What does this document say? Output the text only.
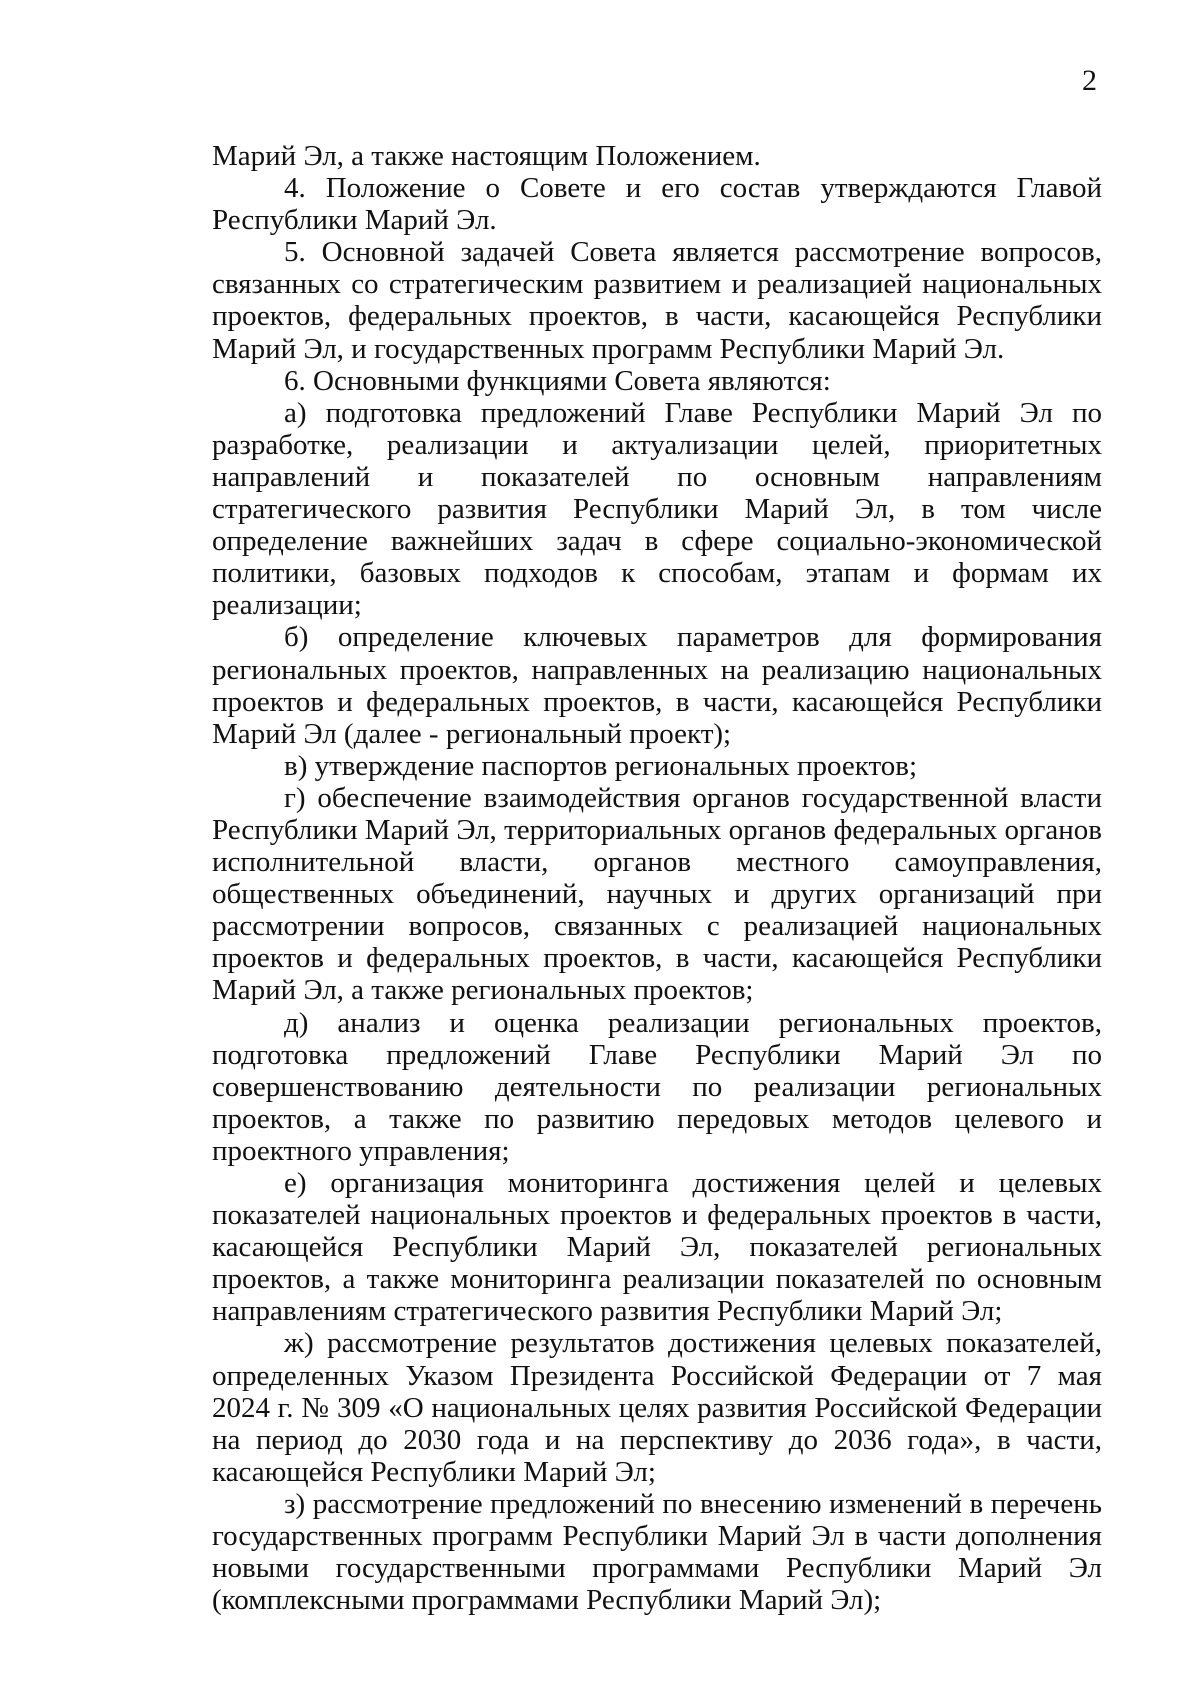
2

Марий Эл, а также настоящим Положением.

4. Положение о Совете и его состав утверждаются Главой Республики Марий Эл.

5. Основной задачей Совета является рассмотрение вопросов, связанных со стратегическим развитием и реализацией национальных проектов, федеральных проектов, в части, касающейся Республики Марий Эл, и государственных программ Республики Марий Эл.

6. Основными функциями Совета являются:

а) подготовка предложений Главе Республики Марий Эл по разработке, реализации и актуализации целей, приоритетных направлений и показателей по основным направлениям стратегического развития Республики Марий Эл, в том числе определение важнейших задач в сфере социально-экономической политики, базовых подходов к способам, этапам и формам их реализации;

б) определение ключевых параметров для формирования региональных проектов, направленных на реализацию национальных проектов и федеральных проектов, в части, касающейся Республики Марий Эл (далее - региональный проект);

в) утверждение паспортов региональных проектов;

г) обеспечение взаимодействия органов государственной власти Республики Марий Эл, территориальных органов федеральных органов исполнительной власти, органов местного самоуправления, общественных объединений, научных и других организаций при рассмотрении вопросов, связанных с реализацией национальных проектов и федеральных проектов, в части, касающейся Республики Марий Эл, а также региональных проектов;

д) анализ и оценка реализации региональных проектов, подготовка предложений Главе Республики Марий Эл по совершенствованию деятельности по реализации региональных проектов, а также по развитию передовых методов целевого и проектного управления;

е) организация мониторинга достижения целей и целевых показателей национальных проектов и федеральных проектов в части, касающейся Республики Марий Эл, показателей региональных проектов, а также мониторинга реализации показателей по основным направлениям стратегического развития Республики Марий Эл;

ж) рассмотрение результатов достижения целевых показателей, определенных Указом Президента Российской Федерации от 7 мая 2024 г. № 309 «О национальных целях развития Российской Федерации на период до 2030 года и на перспективу до 2036 года», в части, касающейся Республики Марий Эл;

з) рассмотрение предложений по внесению изменений в перечень государственных программ Республики Марий Эл в части дополнения новыми государственными программами Республики Марий Эл (комплексными программами Республики Марий Эл);
